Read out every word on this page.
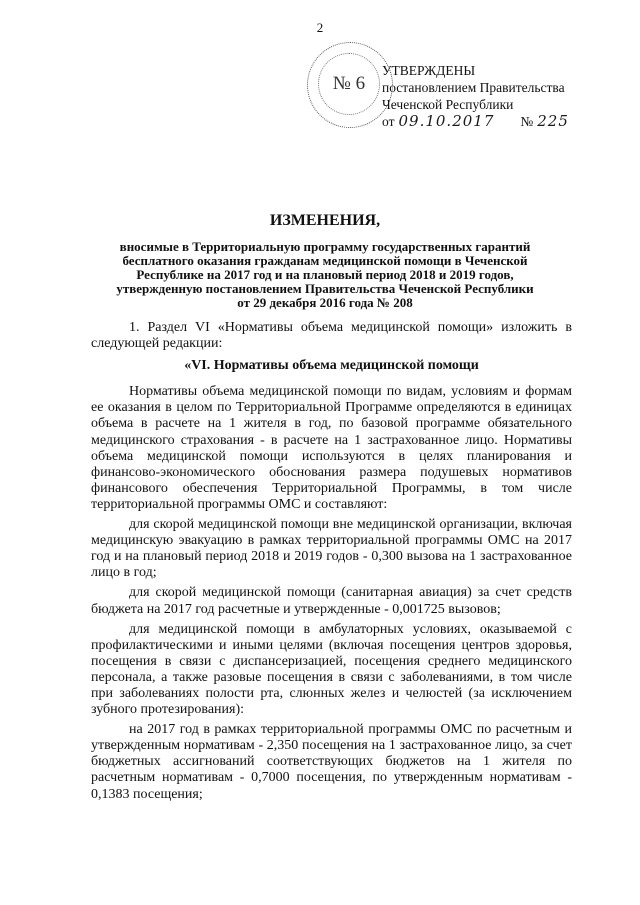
2
№ 6
УТВЕРЖДЕНЫ
постановлением Правительства
Чеченской Республики
от 09.10.2017 № 225
ИЗМЕНЕНИЯ,
вносимые в Территориальную программу государственных гарантий
бесплатного оказания гражданам медицинской помощи в Чеченской
Республике на 2017 год и на плановый период 2018 и 2019 годов,
утвержденную постановлением Правительства Чеченской Республики
от 29 декабря 2016 года № 208

1. Раздел VI «Нормативы объема медицинской помощи» изложить в следующей редакции:

«VI. Нормативы объема медицинской помощи

Нормативы объема медицинской помощи по видам, условиям и формам ее оказания в целом по Территориальной Программе определяются в единицах объема в расчете на 1 жителя в год, по базовой программе обязательного медицинского страхования - в расчете на 1 застрахованное лицо. Нормативы объема медицинской помощи используются в целях планирования и финансово-экономического обоснования размера подушевых нормативов финансового обеспечения Территориальной Программы, в том числе территориальной программы ОМС и составляют:

для скорой медицинской помощи вне медицинской организации, включая медицинскую эвакуацию в рамках территориальной программы ОМС на 2017 год и на плановый период 2018 и 2019 годов - 0,300 вызова на 1 застрахованное лицо в год;

для скорой медицинской помощи (санитарная авиация) за счет средств бюджета на 2017 год расчетные и утвержденные - 0,001725 вызовов;

для медицинской помощи в амбулаторных условиях, оказываемой с профилактическими и иными целями (включая посещения центров здоровья, посещения в связи с диспансеризацией, посещения среднего медицинского персонала, а также разовые посещения в связи с заболеваниями, в том числе при заболеваниях полости рта, слюнных желез и челюстей (за исключением зубного протезирования):

на 2017 год в рамках территориальной программы ОМС по расчетным и утвержденным нормативам - 2,350 посещения на 1 застрахованное лицо, за счет бюджетных ассигнований соответствующих бюджетов на 1 жителя по расчетным нормативам - 0,7000 посещения, по утвержденным нормативам - 0,1383 посещения;
